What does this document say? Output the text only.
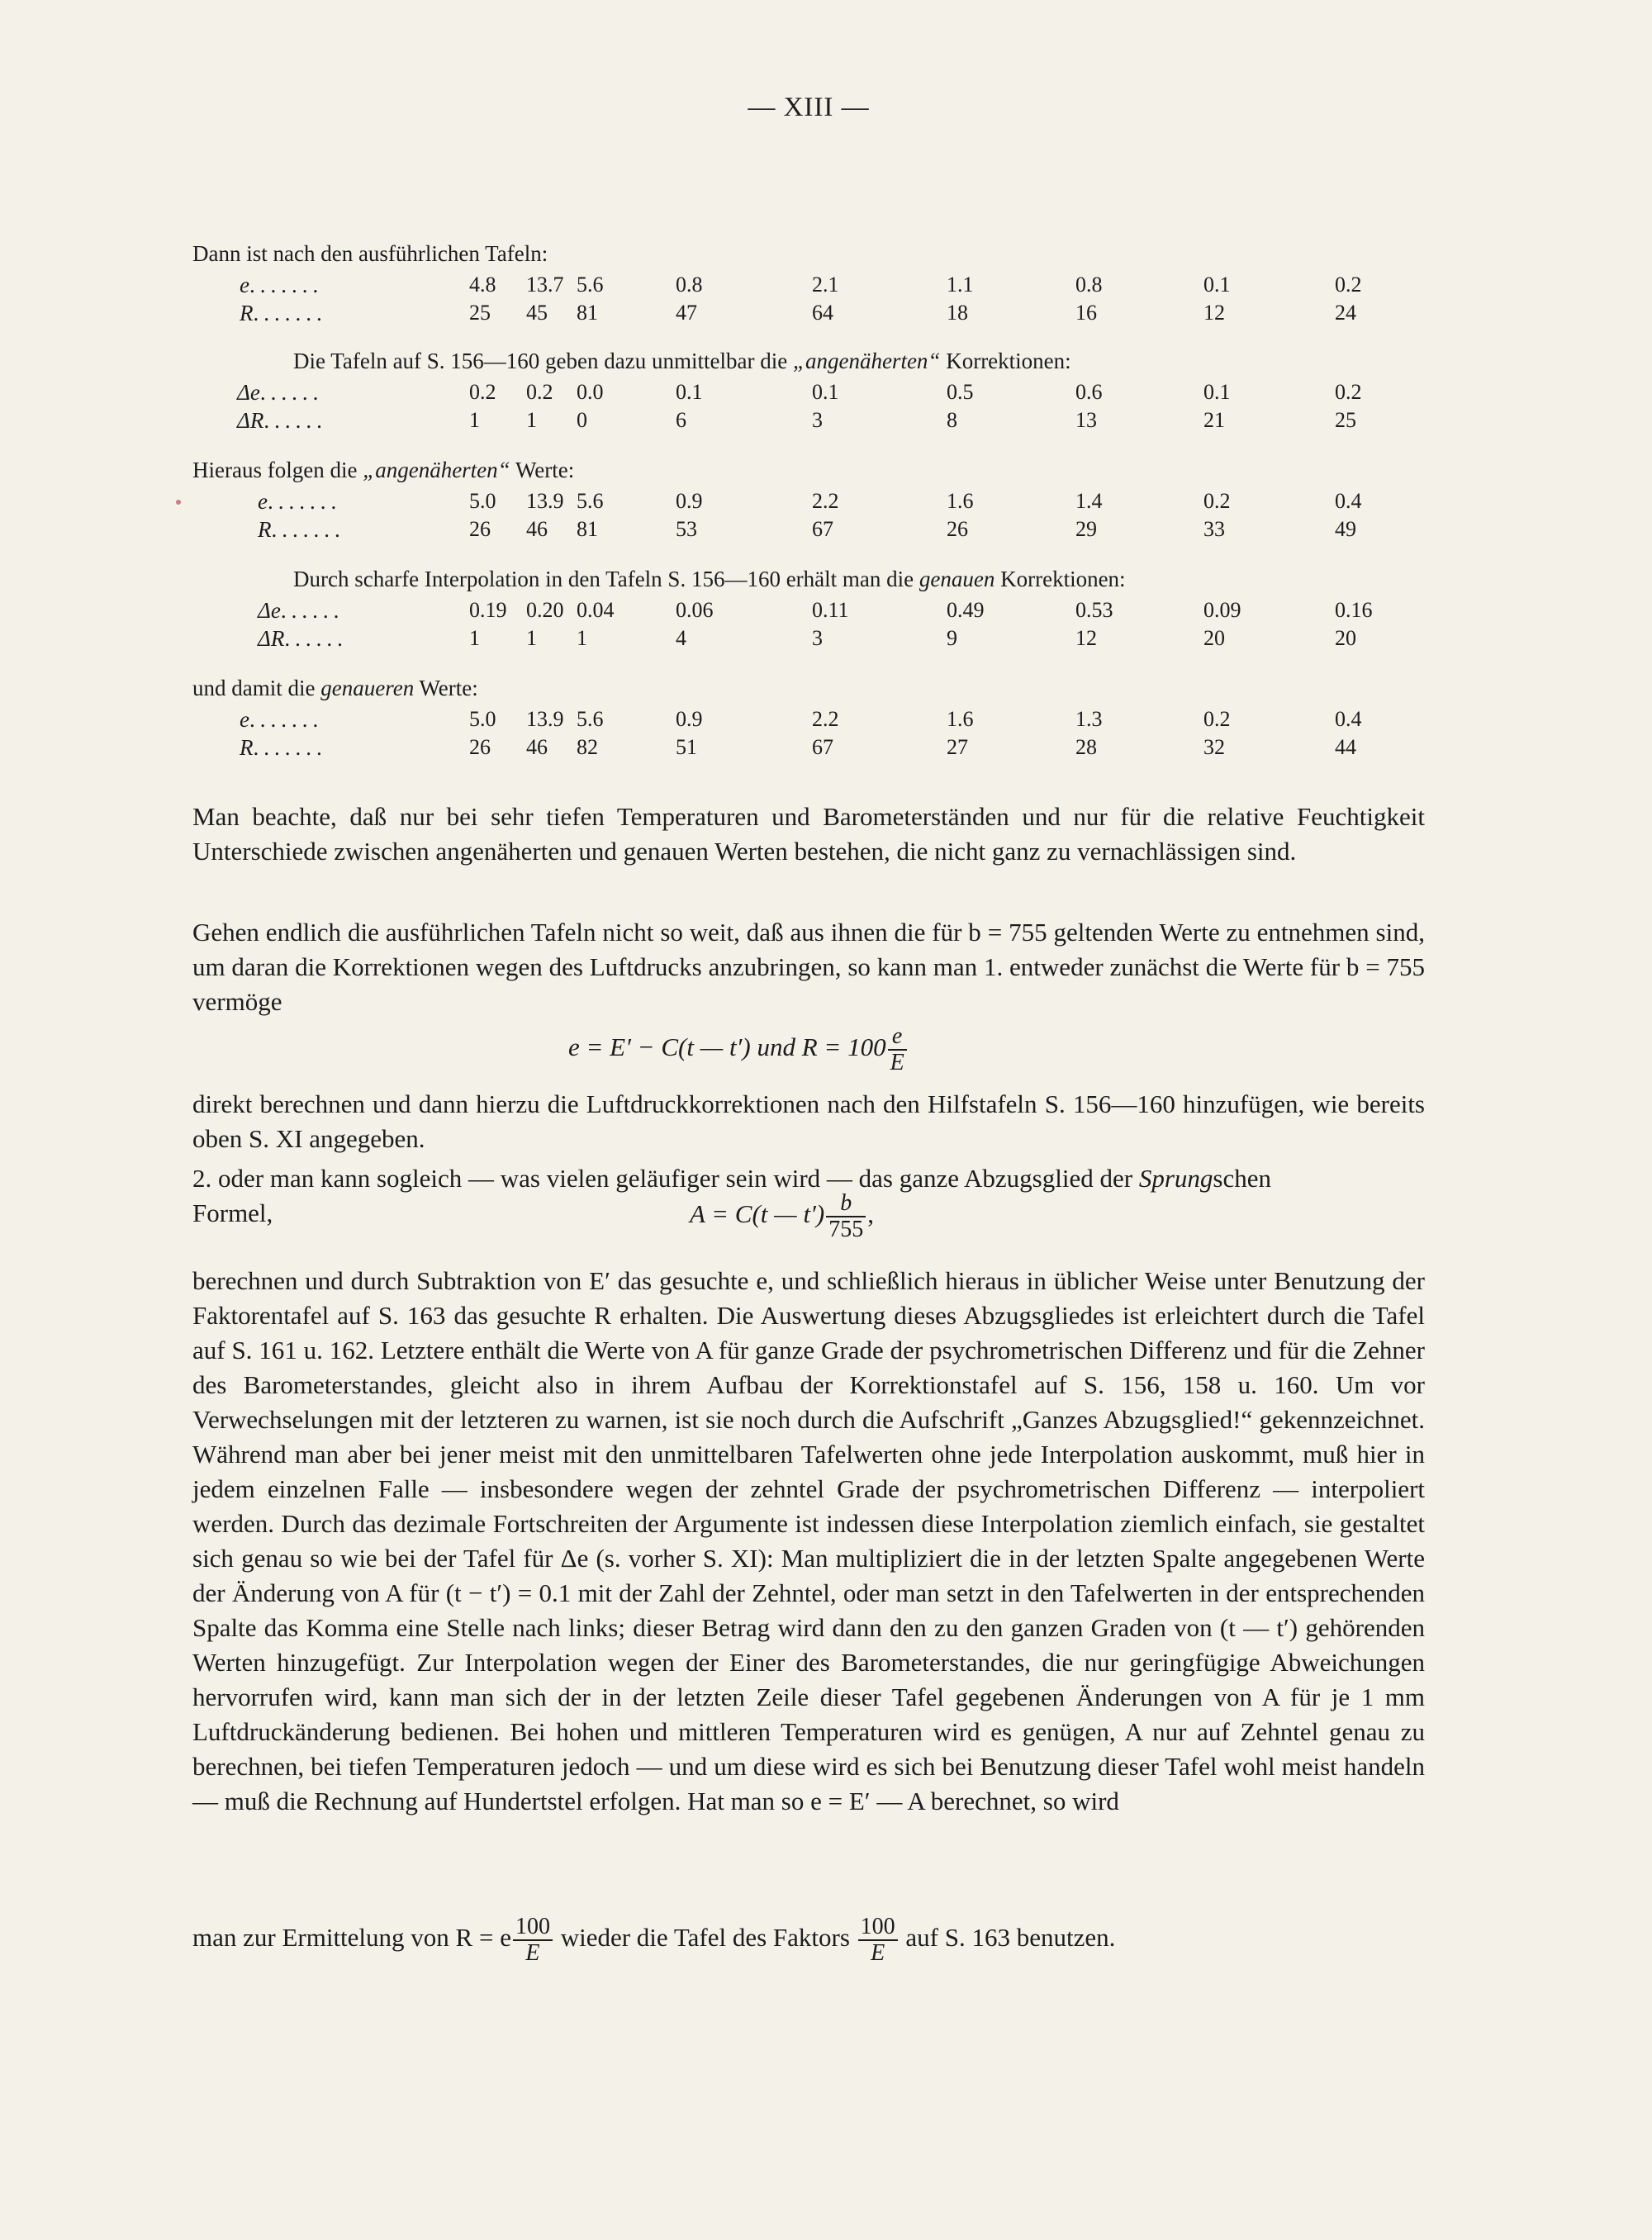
— XIII —
Dann ist nach den ausführlichen Tafeln:
e.......	4.8 13.7 5.6	0.8	2.1	1.1	0.8	0.1	0.2
R.......	25 45 81	47	64	18	16	12	24
Die Tafeln auf S. 156—160 geben dazu unmittelbar die „angenäherten“ Korrektionen:
Δe......	0.2 0.2 0.0	0.1	0.1	0.5	0.6	0.1	0.2
ΔR......	1 1 0	6	3	8	13	21	25
Hieraus folgen die „angenäherten“ Werte:
e.......	5.0 13.9 5.6	0.9	2.2	1.6	1.4	0.2	0.4
R.......	26 46 81	53	67	26	29	33	49
Durch scharfe Interpolation in den Tafeln S. 156—160 erhält man die genauen Korrektionen:
Δe......	0.19 0.20 0.04	0.06	0.11	0.49	0.53	0.09	0.16
ΔR......	1 1 1	4	3	9	12	20	20
und damit die genaueren Werte:
e.......	5.0 13.9 5.6	0.9	2.2	1.6	1.3	0.2	0.4
R.......	26 46 82	51	67	27	28	32	44

Man beachte, daß nur bei sehr tiefen Temperaturen und Barometerständen und nur für die relative Feuchtigkeit Unterschiede zwischen angenäherten und genauen Werten bestehen, die nicht ganz zu vernachlässigen sind.

Gehen endlich die ausführlichen Tafeln nicht so weit, daß aus ihnen die für b = 755 geltenden Werte zu entnehmen sind, um daran die Korrektionen wegen des Luftdrucks anzubringen, so kann man 1. entweder zunächst die Werte für b = 755 vermöge

e = E′ − C(t — t′) und $R = 100 \frac{e}{E}$

direkt berechnen und dann hierzu die Luftdruckkorrektionen nach den Hilfstafeln S. 156—160 hinzufügen, wie bereits oben S. XI angegeben.

2. oder man kann sogleich — was vielen geläufiger sein wird — das ganze Abzugsglied der Sprungschen

Formel,	A = C(t — $t') \frac{b}{755}$ ,

berechnen und durch Subtraktion von E′ das gesuchte e, und schließlich hieraus in üblicher Weise unter Benutzung der Faktorentafel auf S. 163 das gesuchte R erhalten. Die Auswertung dieses Abzugsgliedes ist erleichtert durch die Tafel auf S. 161 u. 162. Letztere enthält die Werte von A für ganze Grade der psychrometrischen Differenz und für die Zehner des Barometerstandes, gleicht also in ihrem Aufbau der Korrektionstafel auf S. 156, 158 u. 160. Um vor Verwechselungen mit der letzteren zu warnen, ist sie noch durch die Aufschrift „Ganzes Abzugsglied!“ gekennzeichnet. Während man aber bei jener meist mit den unmittelbaren Tafelwerten ohne jede Interpolation auskommt, muß hier in jedem einzelnen Falle — insbesondere wegen der zehntel Grade der psychrometrischen Differenz — interpoliert werden. Durch das dezimale Fortschreiten der Argumente ist indessen diese Interpolation ziemlich einfach, sie gestaltet sich genau so wie bei der Tafel für Δe (s. vorher S. XI): Man multipliziert die in der letzten Spalte angegebenen Werte der Änderung von A für (t − t′) = 0.1 mit der Zahl der Zehntel, oder man setzt in den Tafelwerten in der entsprechenden Spalte das Komma eine Stelle nach links; dieser Betrag wird dann den zu den ganzen Graden von (t — t′) gehörenden Werten hinzugefügt. Zur Interpolation wegen der Einer des Barometerstandes, die nur geringfügige Abweichungen hervorrufen wird, kann man sich der in der letzten Zeile dieser Tafel gegebenen Änderungen von A für je 1 mm Luftdruckänderung bedienen. Bei hohen und mittleren Temperaturen wird es genügen, A nur auf Zehntel genau zu berechnen, bei tiefen Temperaturen jedoch — und um diese wird es sich bei Benutzung dieser Tafel wohl meist handeln — muß die Rechnung auf Hundertstel erfolgen. Hat man so e = E′ — A berechnet, so wird

man zur Ermittelung von R = e $\frac{100}{E}$ wieder die Tafel des Faktors $\frac{100}{E}$ auf S. 163 benutzen.
